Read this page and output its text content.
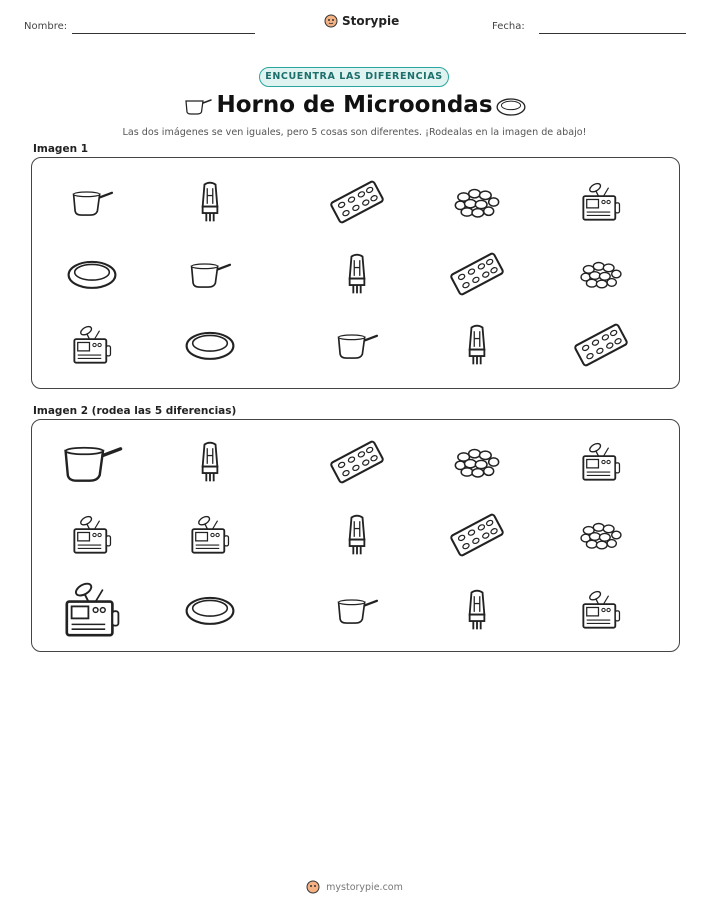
Nombre:	Storypie	Fecha:
ENCUENTRA LAS DIFERENCIAS
Horno de Microondas
Las dos imágenes se ven iguales, pero 5 cosas son diferentes. ¡Rodealas en la imagen de abajo!
Imagen 1
Imagen 2 (rodea las 5 diferencias)
mystorypie.com
